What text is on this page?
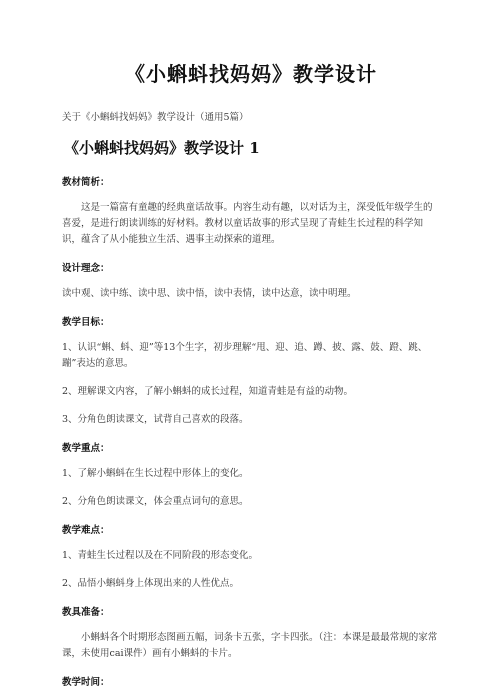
《小蝌蚪找妈妈》教学设计

关于《小蝌蚪找妈妈》教学设计（通用5篇）

《小蝌蚪找妈妈》教学设计 1

教材简析：

这是一篇富有童趣的经典童话故事。内容生动有趣，以对话为主，深受低年级学生的喜爱，是进行朗读训练的好材料。教材以童话故事的形式呈现了青蛙生长过程的科学知识，蕴含了从小能独立生活、遇事主动探索的道理。

设计理念：

读中观、读中练、读中思、读中悟，读中表情，读中达意，读中明理。

教学目标：

1、认识“蝌、蚪、迎”等13个生字，初步理解“甩、迎、追、蹲、披、露、鼓、蹬、跳、蹦”表达的意思。

2、理解课文内容，了解小蝌蚪的成长过程，知道青蛙是有益的动物。

3、分角色朗读课文，试背自己喜欢的段落。

教学重点：

1、了解小蝌蚪在生长过程中形体上的变化。

2、分角色朗读课文，体会重点词句的意思。

教学难点：

1、青蛙生长过程以及在不同阶段的形态变化。

2、品悟小蝌蚪身上体现出来的人性优点。

教具准备：

小蝌蚪各个时期形态图画五幅，词条卡五张，字卡四张。（注：本课是最最常规的家常课，未使用cai课件）画有小蝌蚪的卡片。

教学时间：
